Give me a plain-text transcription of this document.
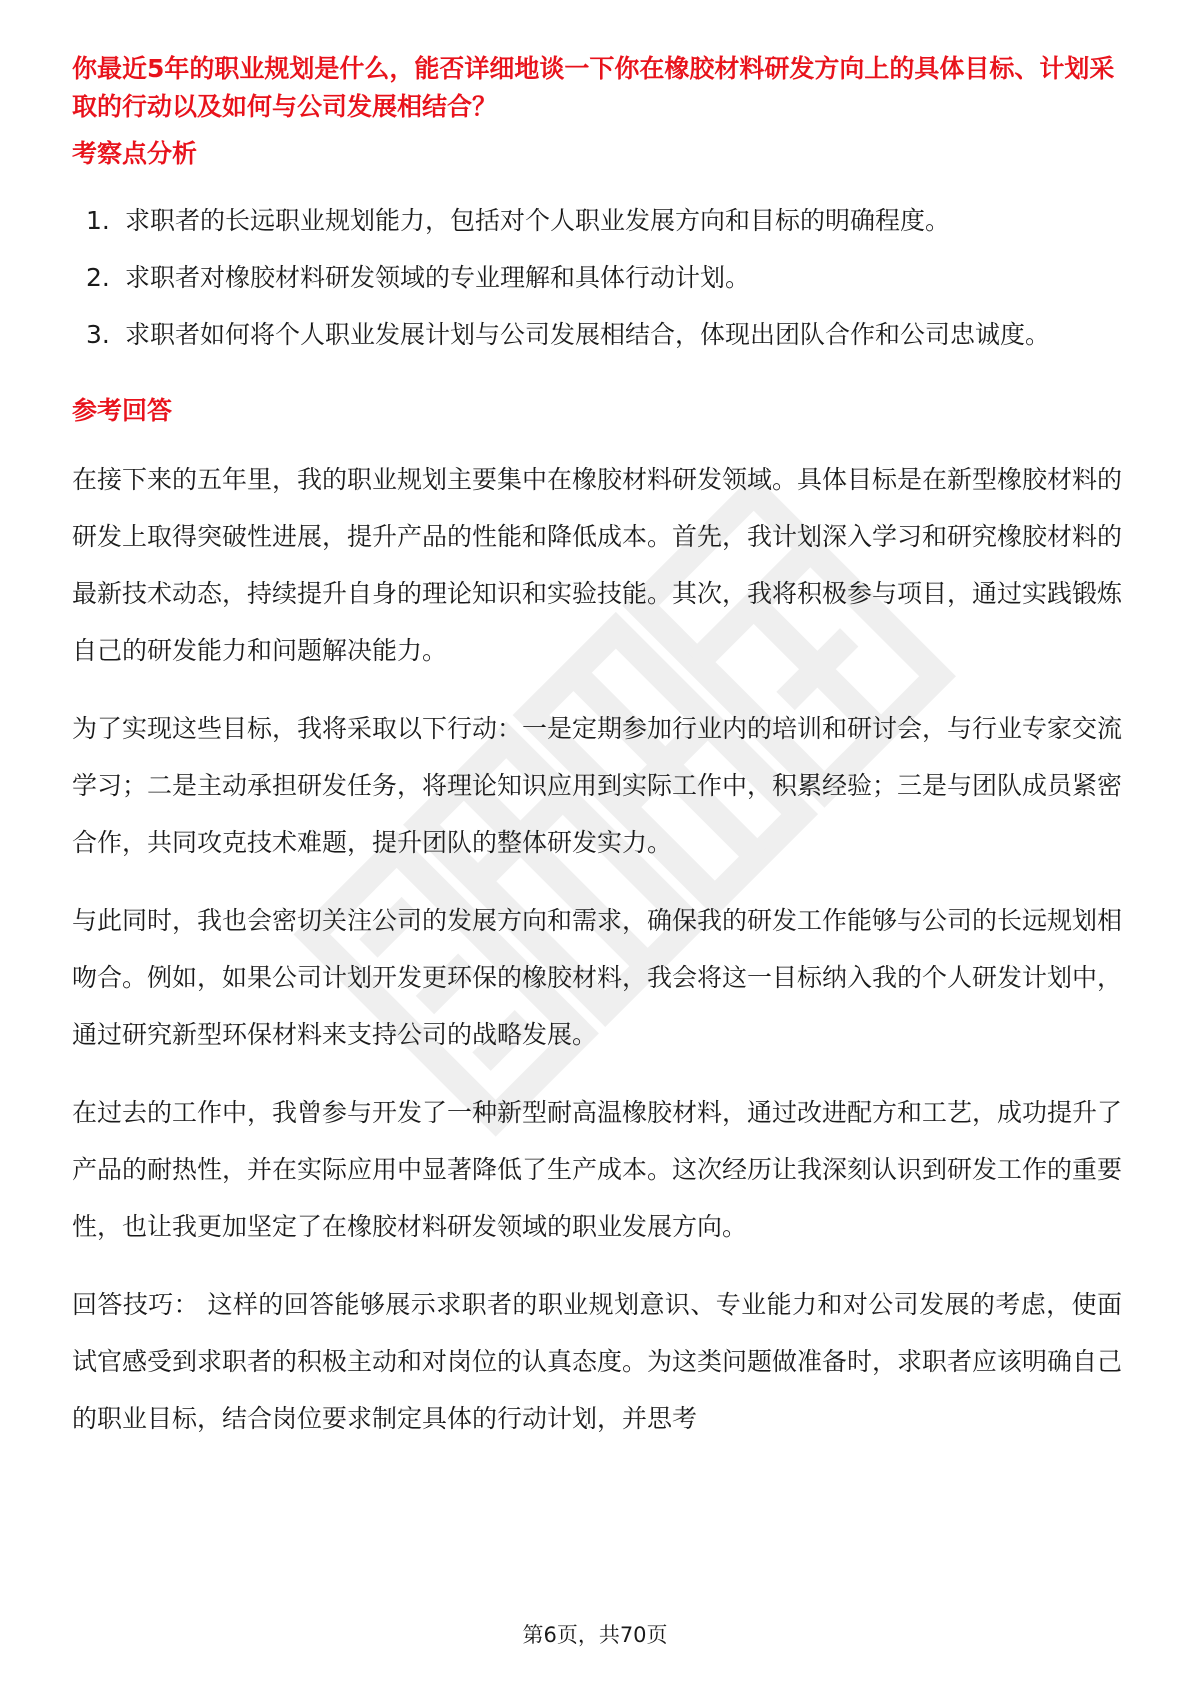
你最近5年的职业规划是什么，能否详细地谈一下你在橡胶材料研发方向上的具体目标、计划采取的行动以及如何与公司发展相结合？
考察点分析
1. 求职者的长远职业规划能力，包括对个人职业发展方向和目标的明确程度。
2. 求职者对橡胶材料研发领域的专业理解和具体行动计划。
3. 求职者如何将个人职业发展计划与公司发展相结合，体现出团队合作和公司忠诚度。
参考回答

在接下来的五年里，我的职业规划主要集中在橡胶材料研发领域。具体目标是在新型橡胶材料的研发上取得突破性进展，提升产品的性能和降低成本。首先，我计划深入学习和研究橡胶材料的最新技术动态，持续提升自身的理论知识和实验技能。其次，我将积极参与项目，通过实践锻炼自己的研发能力和问题解决能力。

为了实现这些目标，我将采取以下行动：一是定期参加行业内的培训和研讨会，与行业专家交流学习；二是主动承担研发任务，将理论知识应用到实际工作中，积累经验；三是与团队成员紧密合作，共同攻克技术难题，提升团队的整体研发实力。

与此同时，我也会密切关注公司的发展方向和需求，确保我的研发工作能够与公司的长远规划相吻合。例如，如果公司计划开发更环保的橡胶材料，我会将这一目标纳入我的个人研发计划中，通过研究新型环保材料来支持公司的战略发展。

在过去的工作中，我曾参与开发了一种新型耐高温橡胶材料，通过改进配方和工艺，成功提升了产品的耐热性，并在实际应用中显著降低了生产成本。这次经历让我深刻认识到研发工作的重要性，也让我更加坚定了在橡胶材料研发领域的职业发展方向。

回答技巧： 这样的回答能够展示求职者的职业规划意识、专业能力和对公司发展的考虑，使面试官感受到求职者的积极主动和对岗位的认真态度。为这类问题做准备时，求职者应该明确自己的职业目标，结合岗位要求制定具体的行动计划，并思考

第6页，共70页
